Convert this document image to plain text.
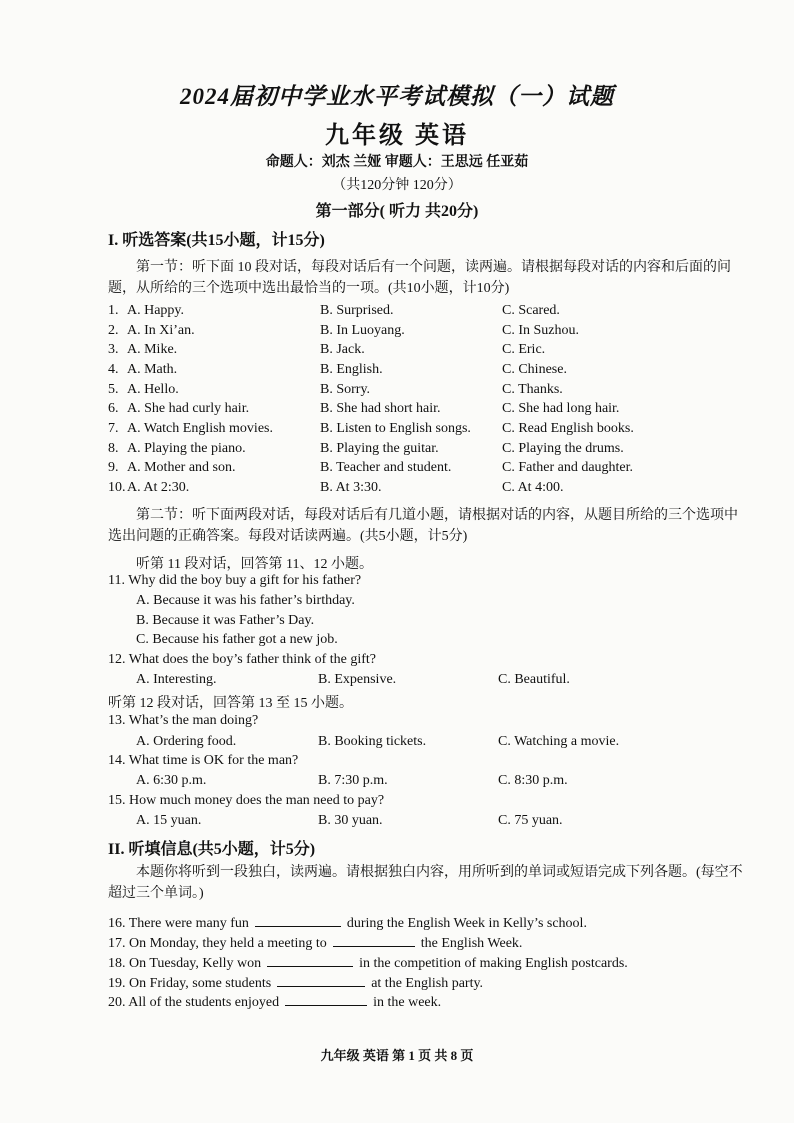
2024届初中学业水平考试模拟（一）试题
九年级 英语
命题人：刘杰 兰娅 审题人：王思远 任亚茹
（共120分钟 120分）
第一部分( 听力 共20分)
I. 听选答案(共15小题，计15分)
第一节：听下面 10 段对话，每段对话后有一个问题，读两遍。请根据每段对话的内容和后面的问题，从所给的三个选项中选出最恰当的一项。(共10小题，计10分)
1. A. Happy.	B. Surprised.	C. Scared.
2. A. In Xi’an.	B. In Luoyang.	C. In Suzhou.
3. A. Mike.	B. Jack.	C. Eric.
4. A. Math.	B. English.	C. Chinese.
5. A. Hello.	B. Sorry.	C. Thanks.
6. A. She had curly hair.	B. She had short hair.	C. She had long hair.
7. A. Watch English movies.	B. Listen to English songs. C. Read English books.
8. A. Playing the piano.	B. Playing the guitar.	C. Playing the drums.
9. A. Mother and son.	B. Teacher and student.	C. Father and daughter.
10. A. At 2:30.	B. At 3:30.	C. At 4:00.
第二节：听下面两段对话，每段对话后有几道小题，请根据对话的内容，从题目所给的三个选项中选出问题的正确答案。每段对话读两遍。(共5小题，计5分)
听第 11 段对话，回答第 11、12 小题。
11. Why did the boy buy a gift for his father?
A. Because it was his father’s birthday.
B. Because it was Father’s Day.
C. Because his father got a new job.
12. What does the boy’s father think of the gift?
A. Interesting.	B. Expensive.	C. Beautiful.
听第 12 段对话，回答第 13 至 15 小题。
13. What’s the man doing?
A. Ordering food.	B. Booking tickets.	C. Watching a movie.
14. What time is OK for the man?
A. 6:30 p.m.	B. 7:30 p.m.	C. 8:30 p.m.
15. How much money does the man need to pay?
A. 15 yuan.	B. 30 yuan.	C. 75 yuan.
II. 听填信息(共5小题，计5分)
本题你将听到一段独白，读两遍。请根据独白内容，用所听到的单词或短语完成下列各题。(每空不超过三个单词。)
16. There were many fun	during the English Week in Kelly’s school.
17. On Monday, they held a meeting to	the English Week.
18. On Tuesday, Kelly won	in the competition of making English postcards.
19. On Friday, some students	at the English party.
20. All of the students enjoyed	in the week.
九年级 英语 第 1 页 共 8 页
